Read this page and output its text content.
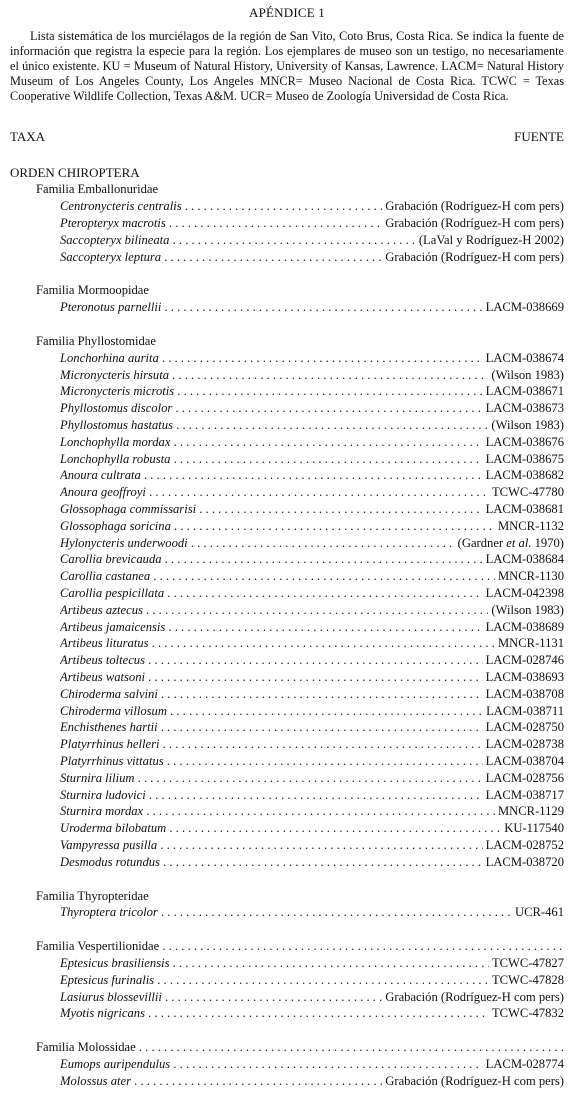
APÉNDICE 1
Lista sistemática de los murciélagos de la región de San Vito, Coto Brus, Costa Rica. Se indica la fuente de información que registra la especie para la región. Los ejemplares de museo son un testigo, no necesariamente el único existente. KU = Museum of Natural History, University of Kansas, Lawrence. LACM= Natural History Museum of Los Angeles County, Los Angeles MNCR= Museo Nacional de Costa Rica. TCWC = Texas Cooperative Wildlife Collection, Texas A&M. UCR= Museo de Zoología Universidad de Costa Rica.
TAXA	FUENTE
ORDEN CHIROPTERA
Familia Emballonuridae
Centronycteris centralis . . .	Grabación (Rodríguez-H com pers)
Pteropteryx macrotis . . .	Grabación (Rodríguez-H com pers)
Saccopteryx bilineata . . .	(LaVal y Rodríguez-H 2002)
Saccopteryx leptura . . .	Grabación (Rodríguez-H com pers)
Familia Mormoopidae
Pteronotus parnellii . . .	LACM-038669
Familia Phyllostomidae
Lonchorhina aurita . . .	LACM-038674
Micronycteris hirsuta . . .	(Wilson 1983)
Micronycteris microtis . . .	LACM-038671
Phyllostomus discolor . . .	LACM-038673
Phyllostomus hastatus . . .	(Wilson 1983)
Lonchophylla mordax . . .	LACM-038676
Lonchophylla robusta . . .	LACM-038675
Anoura cultrata . . .	LACM-038682
Anoura geoffroyi . . .	TCWC-47780
Glossophaga commissarisi . . .	LACM-038681
Glossophaga soricina . . .	MNCR-1132
Hylonycteris underwoodi . . .	(Gardner et al. 1970)
Carollia brevicauda . . .	LACM-038684
Carollia castanea . . .	MNCR-1130
Carollia pespicillata . . .	LACM-042398
Artibeus aztecus . . .	(Wilson 1983)
Artibeus jamaicensis . . .	LACM-038689
Artibeus lituratus . . .	MNCR-1131
Artibeus toltecus . . .	LACM-028746
Artibeus watsoni . . .	LACM-038693
Chiroderma salvini . . .	LACM-038708
Chiroderma villosum . . .	LACM-038711
Enchisthenes hartii . . .	LACM-028750
Platyrrhinus helleri . . .	LACM-028738
Platyrrhinus vittatus . . .	LACM-038704
Sturnira lilium . . .	LACM-028756
Sturnira ludovici . . .	LACM-038717
Sturnira mordax . . .	MNCR-1129
Uroderma bilobatum . . .	KU-117540
Vampyressa pusilla . . .	LACM-028752
Desmodus rotundus . . .	LACM-038720
Familia Thyropteridae
Thyroptera tricolor . . .	UCR-461
Familia Vespertilionidae . . .
Eptesicus brasiliensis . . .	TCWC-47827
Eptesicus furinalis . . .	TCWC-47828
Lasiurus blossevillii . . .	Grabación (Rodríguez-H com pers)
Myotis nigricans . . .	TCWC-47832
Familia Molossidae . . .
Eumops auripendulus . . .	LACM-028774
Molossus ater . . .	Grabación (Rodríguez-H com pers)
